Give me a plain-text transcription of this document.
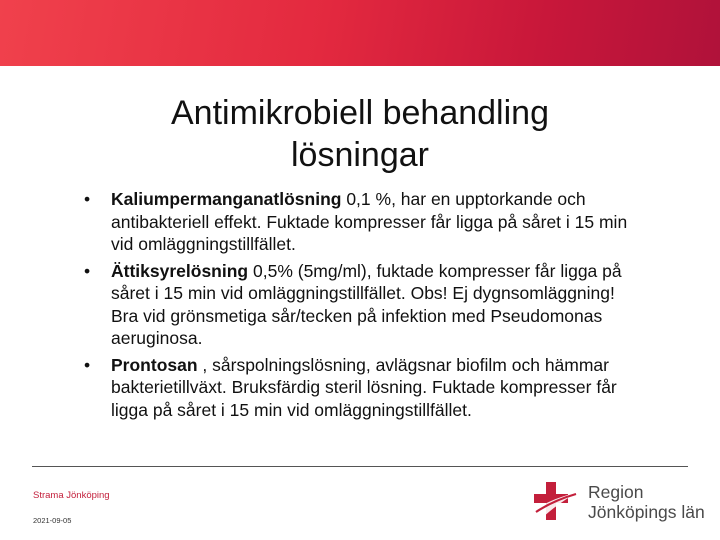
Antimikrobiell behandling
lösningar
• Kaliumpermanganatlösning 0,1 %, har en upptorkande och antibakteriell effekt. Fuktade kompresser får ligga på såret i 15 min vid omläggningstillfället.
• Ättiksyrelösning 0,5% (5mg/ml), fuktade kompresser får ligga på såret i 15 min vid omläggningstillfället. Obs! Ej dygnsomläggning! Bra vid grönsmetiga sår/tecken på infektion med Pseudomonas aeruginosa.
• Prontosan , sårspolningslösning, avlägsnar biofilm och hämmar bakterietillväxt. Bruksfärdig steril lösning. Fuktade kompresser får ligga på såret i 15 min vid omläggningstillfället.
Strama Jönköping
2021-09-05
Region
Jönköpings län
